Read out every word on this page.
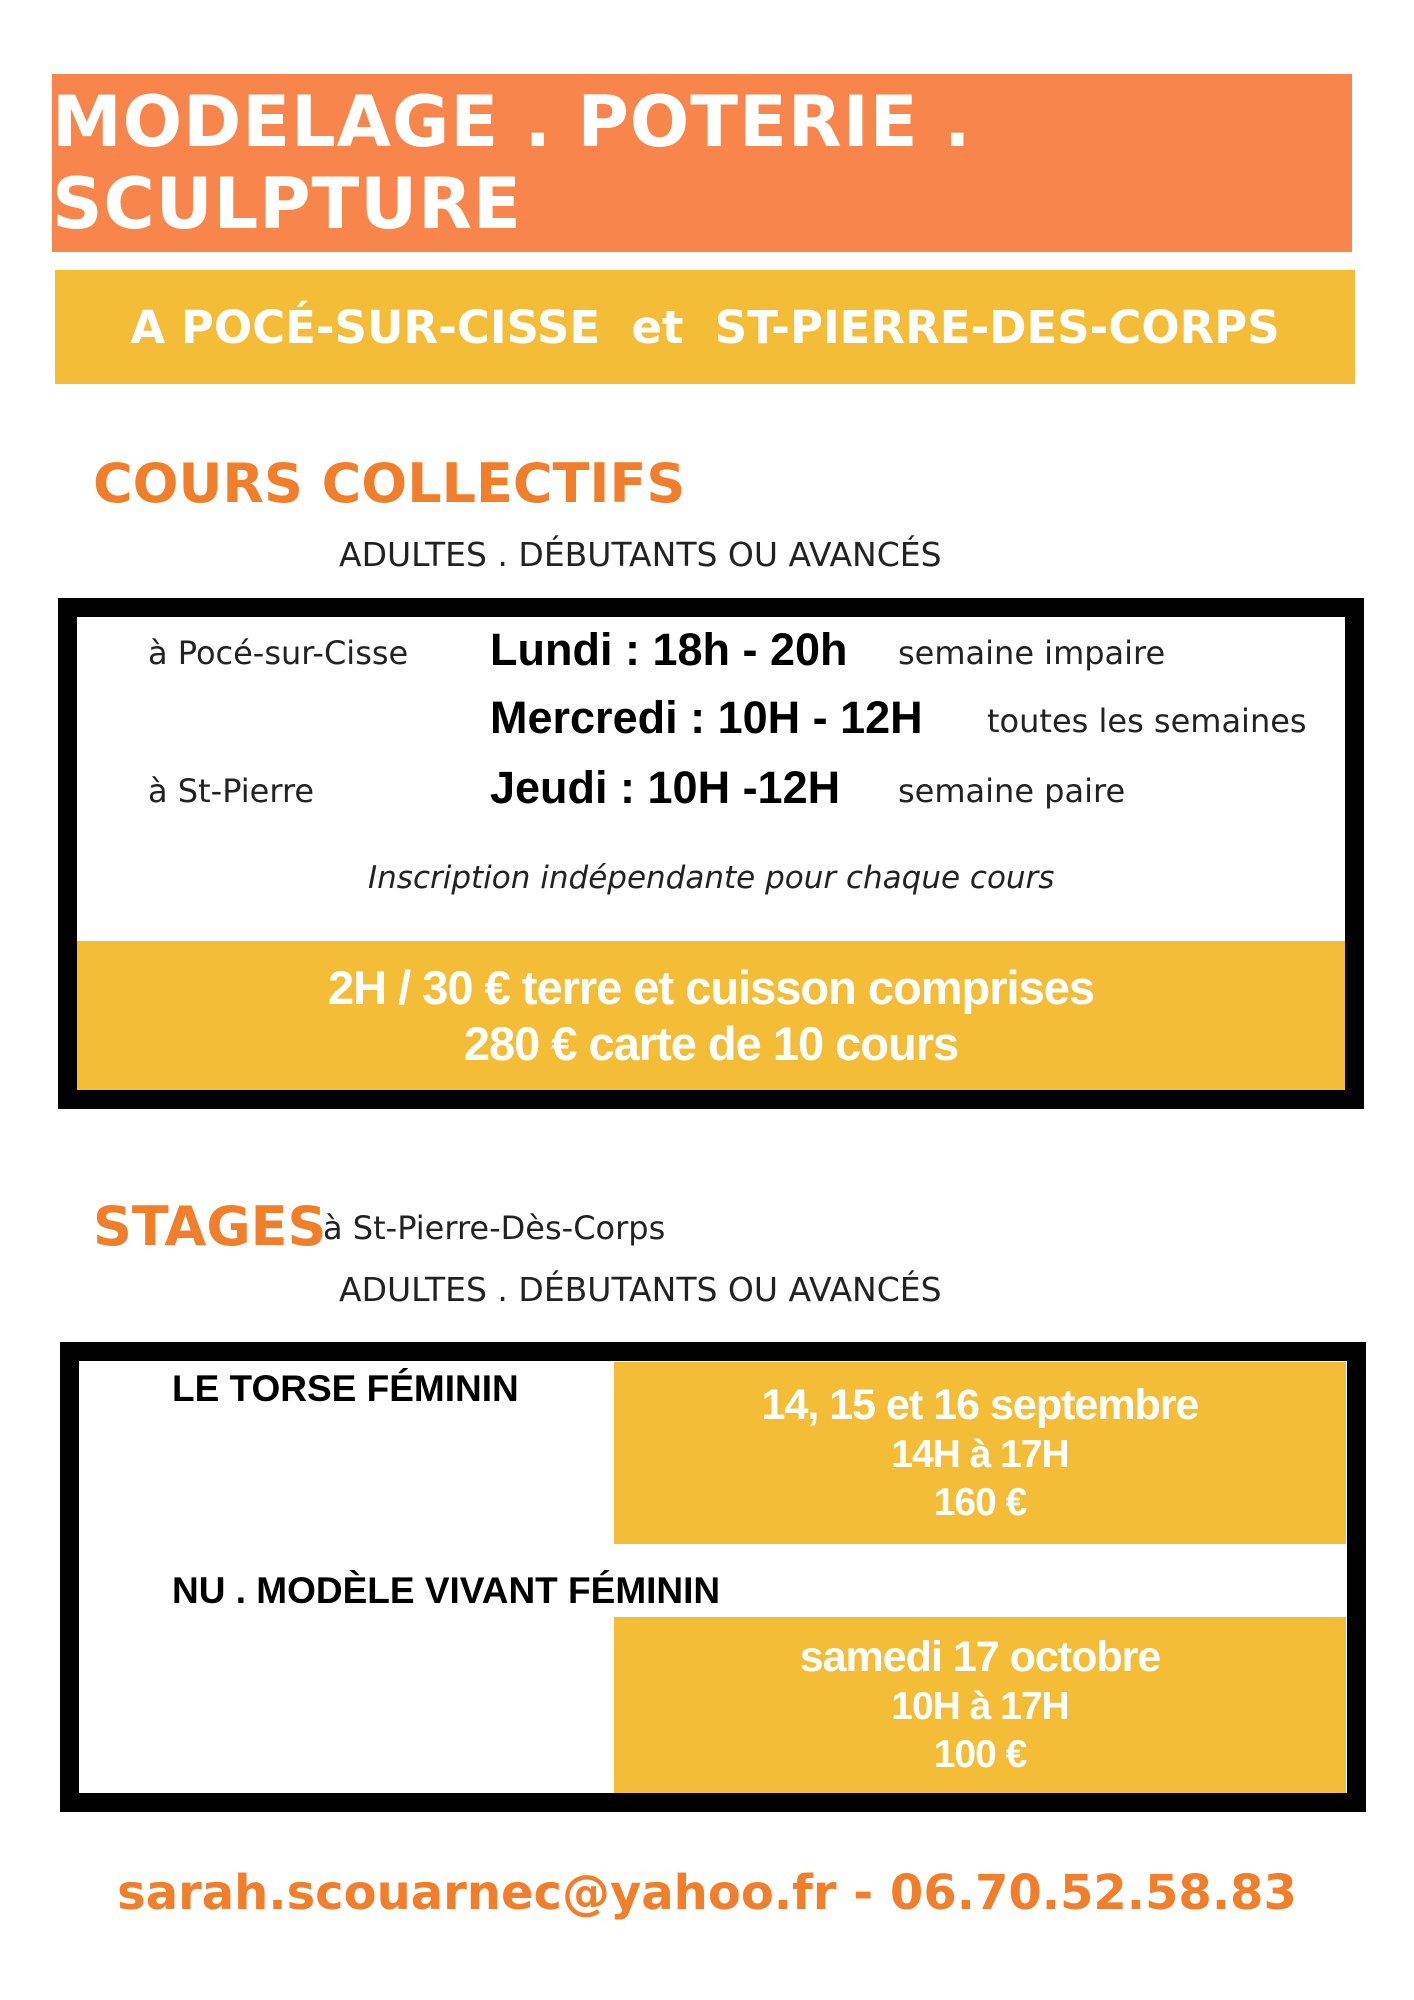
MODELAGE . POTERIE . SCULPTURE
A POCÉ-SUR-CISSE  et  ST-PIERRE-DES-CORPS
COURS COLLECTIFS
ADULTES . DÉBUTANTS OU AVANCÉS
à Pocé-sur-Cisse Lundi : 18h - 20h semaine impaire
Mercredi : 10H - 12H toutes les semaines
à St-Pierre	Jeudi : 10H -12H semaine paire
Inscription indépendante pour chaque cours
2H / 30 € terre et cuisson comprises
280 € carte de 10 cours
STAGES
à St-Pierre-Dès-Corps
ADULTES . DÉBUTANTS OU AVANCÉS
LE TORSE FÉMININ	14, 15 et 16 septembre
14H à 17H
160 €
NU . MODÈLE VIVANT FÉMININ
samedi 17 octobre
10H à 17H
100 €
sarah.scouarnec@yahoo.fr - 06.70.52.58.83
